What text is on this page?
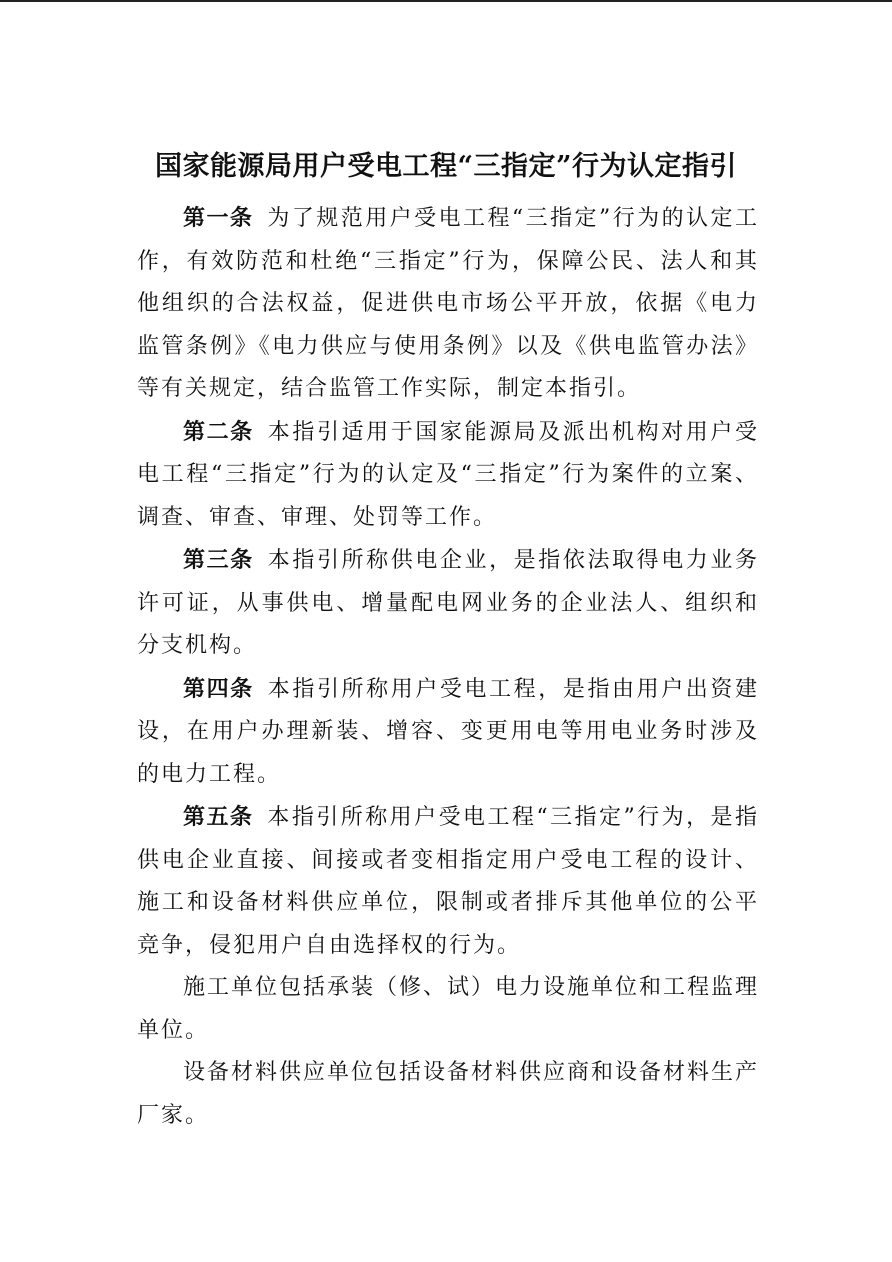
国家能源局用户受电工程“三指定”行为认定指引

第一条 为了规范用户受电工程“三指定”行为的认定工作，有效防范和杜绝“三指定”行为，保障公民、法人和其他组织的合法权益，促进供电市场公平开放，依据《电力监管条例》《电力供应与使用条例》以及《供电监管办法》等有关规定，结合监管工作实际，制定本指引。

第二条 本指引适用于国家能源局及派出机构对用户受电工程“三指定”行为的认定及“三指定”行为案件的立案、调查、审查、审理、处罚等工作。

第三条 本指引所称供电企业，是指依法取得电力业务许可证，从事供电、增量配电网业务的企业法人、组织和分支机构。

第四条 本指引所称用户受电工程，是指由用户出资建设，在用户办理新装、增容、变更用电等用电业务时涉及的电力工程。

第五条 本指引所称用户受电工程“三指定”行为，是指供电企业直接、间接或者变相指定用户受电工程的设计、施工和设备材料供应单位，限制或者排斥其他单位的公平竞争，侵犯用户自由选择权的行为。

施工单位包括承装（修、试）电力设施单位和工程监理单位。

设备材料供应单位包括设备材料供应商和设备材料生产厂家。
